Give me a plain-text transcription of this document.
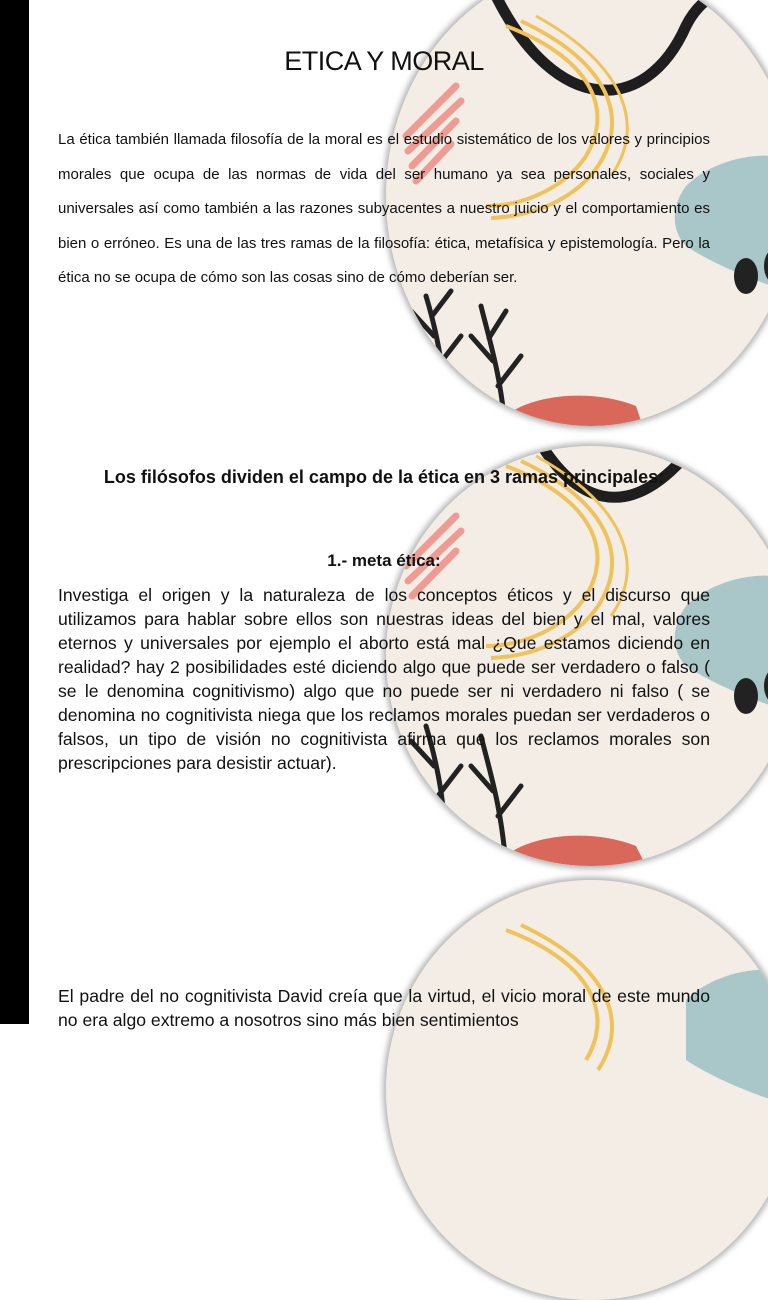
ETICA Y MORAL
La ética también llamada filosofía de la moral es el estudio sistemático de los valores y principios morales que ocupa de las normas de vida del ser humano ya sea personales, sociales y universales así como también a las razones subyacentes a nuestro juicio y el comportamiento es bien o erróneo. Es una de las tres ramas de la filosofía: ética, metafísica y epistemología. Pero la ética no se ocupa de cómo son las cosas sino de cómo deberían ser.
Los filósofos dividen el campo de la ética en 3 ramas principales:
1.- meta ética:
Investiga el origen y la naturaleza de los conceptos éticos y el discurso que utilizamos para hablar sobre ellos son nuestras ideas del bien y el mal, valores eternos y universales por ejemplo el aborto está mal ¿Que estamos diciendo en realidad? hay 2 posibilidades esté diciendo algo que puede ser verdadero o falso ( se le denomina cognitivismo) algo que no puede ser ni verdadero ni falso ( se denomina no cognitivista niega que los reclamos morales puedan ser verdaderos o falsos, un tipo de visión no cognitivista afirma que los reclamos morales son prescripciones para desistir actuar).
El padre del no cognitivista David creía que la virtud, el vicio moral de este mundo no era algo extremo a nosotros sino más bien sentimientos
